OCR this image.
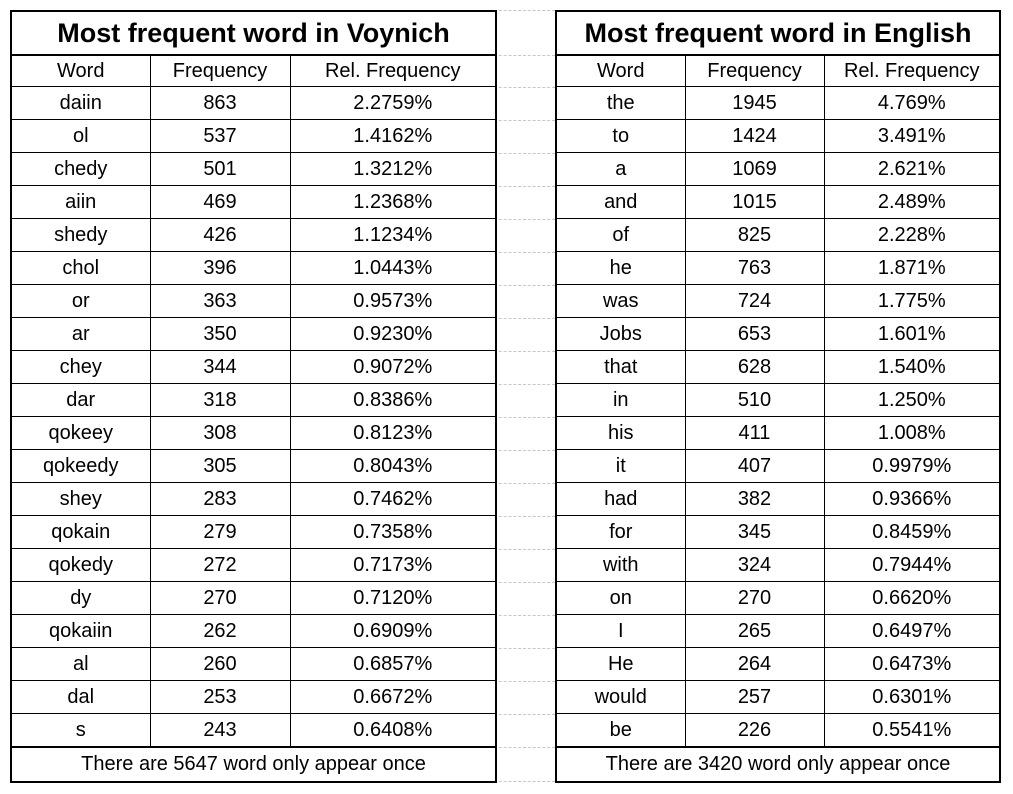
Most frequent word in Voynich		
Word	Frequency	Rel. Frequency
daiin	863	2.2759%
ol	537	1.4162%
chedy	501	1.3212%
aiin	469	1.2368%
shedy	426	1.1234%
chol	396	1.0443%
or	363	0.9573%
ar	350	0.9230%
chey	344	0.9072%
dar	318	0.8386%
qokeey	308	0.8123%
qokeedy	305	0.8043%
shey	283	0.7462%
qokain	279	0.7358%
qokedy	272	0.7173%
dy	270	0.7120%
qokaiin	262	0.6909%
al	260	0.6857%
dal	253	0.6672%
s	243	0.6408%
There are 5647 word only appear once		
Most frequent word in English		
Word	Frequency	Rel. Frequency
the	1945	4.769%
to	1424	3.491%
a	1069	2.621%
and	1015	2.489%
of	825	2.228%
he	763	1.871%
was	724	1.775%
Jobs	653	1.601%
that	628	1.540%
in	510	1.250%
his	411	1.008%
it	407	0.9979%
had	382	0.9366%
for	345	0.8459%
with	324	0.7944%
on	270	0.6620%
I	265	0.6497%
He	264	0.6473%
would	257	0.6301%
be	226	0.5541%
There are 3420 word only appear once		
